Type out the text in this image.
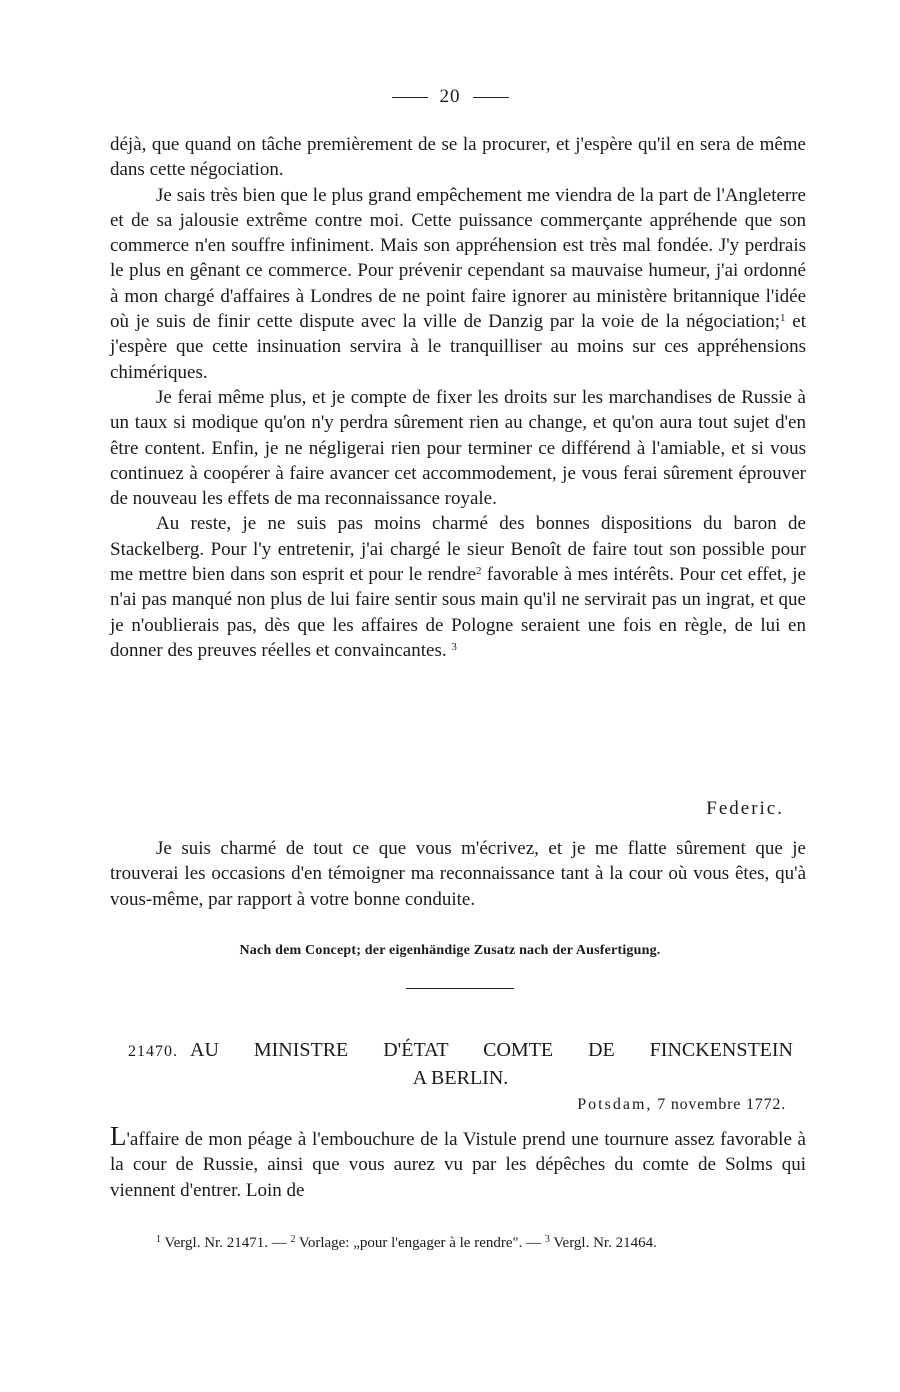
20

déjà, que quand on tâche premièrement de se la procurer, et j'espère qu'il en sera de même dans cette négociation.

Je sais très bien que le plus grand empêchement me viendra de la part de l'Angleterre et de sa jalousie extrême contre moi. Cette puissance commerçante appréhende que son commerce n'en souffre infiniment. Mais son appréhension est très mal fondée. J'y perdrais le plus en gênant ce commerce. Pour prévenir cependant sa mauvaise humeur, j'ai ordonné à mon chargé d'affaires à Londres de ne point faire ignorer au ministère britannique l'idée où je suis de finir cette dispute avec la ville de Danzig par la voie de la négociation;$^1$ et j'espère que cette insinuation servira à le tranquilliser au moins sur ces appréhensions chimériques.

Je ferai même plus, et je compte de fixer les droits sur les marchandises de Russie à un taux si modique qu'on n'y perdra sûrement rien au change, et qu'on aura tout sujet d'en être content. Enfin, je ne négligerai rien pour terminer ce différend à l'amiable, et si vous continuez à coopérer à faire avancer cet accommodement, je vous ferai sûrement éprouver de nouveau les effets de ma reconnaissance royale.

Au reste, je ne suis pas moins charmé des bonnes dispositions du baron de Stackelberg. Pour l'y entretenir, j'ai chargé le sieur Benoît de faire tout son possible pour me mettre bien dans son esprit et pour le rendre$^2$ favorable à mes intérêts. Pour cet effet, je n'ai pas manqué non plus de lui faire sentir sous main qu'il ne servirait pas un ingrat, et que je n'oublierais pas, dès que les affaires de Pologne seraient une fois en règle, de lui en donner des preuves réelles et convaincantes. $^3$

Federic.

Je suis charmé de tout ce que vous m'écrivez, et je me flatte sûrement que je trouverai les occasions d'en témoigner ma reconnaissance tant à la cour où vous êtes, qu'à vous-même, par rapport à votre bonne conduite.

Nach dem Concept; der eigenhändige Zusatz nach der Ausfertigung.
21470. AU MINISTRE D'ÉTAT COMTE DE FINCKENSTEIN
A BERLIN.
Potsdam, 7 novembre 1772.

L'affaire de mon péage à l'embouchure de la Vistule prend une tournure assez favorable à la cour de Russie, ainsi que vous aurez vu par les dépêches du comte de Solms qui viennent d'entrer. Loin de

$^1$ Vergl. Nr. 21471. — $^2$ Vorlage: „pour l'engager à le rendre". — $^3$ Vergl. Nr. 21464.
